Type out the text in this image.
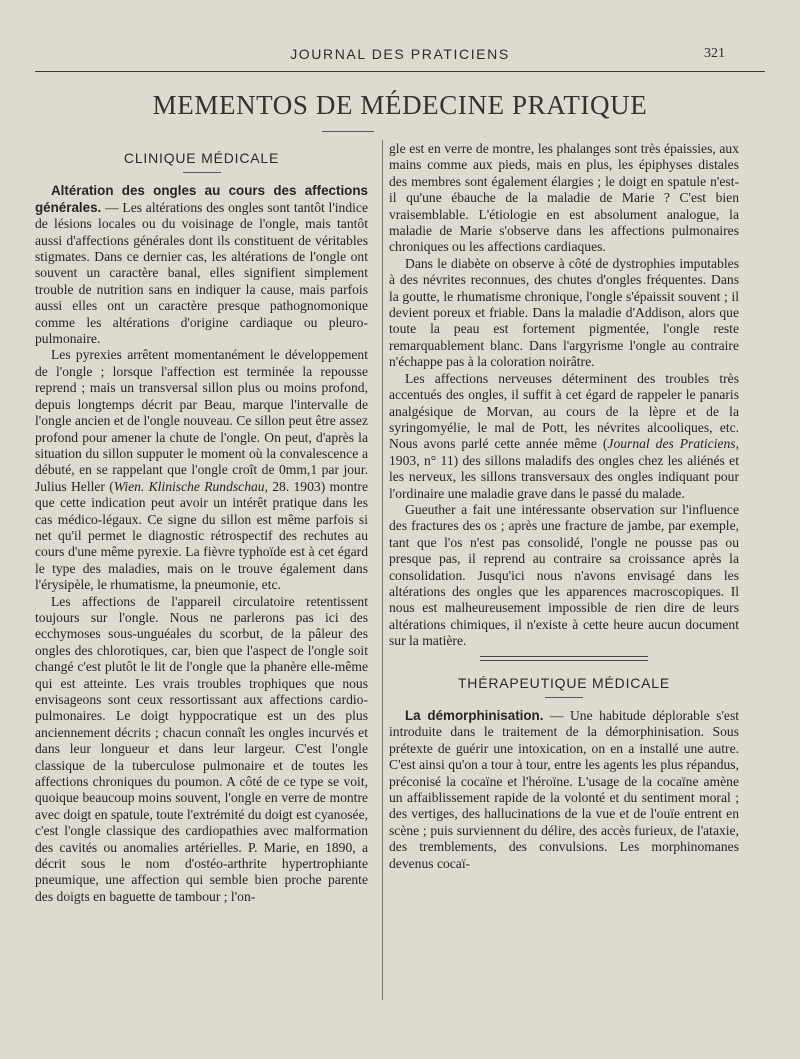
JOURNAL DES PRATICIENS	321
MEMENTOS DE MÉDECINE PRATIQUE
CLINIQUE MÉDICALE

Altération des ongles au cours des affections générales. — Les altérations des ongles sont tantôt l'indice de lésions locales ou du voisinage de l'ongle, mais tantôt aussi d'affections générales dont ils constituent de véritables stigmates. Dans ce dernier cas, les altérations de l'ongle ont souvent un caractère banal, elles signifient simplement trouble de nutrition sans en indiquer la cause, mais parfois aussi elles ont un caractère presque pathognomonique comme les altérations d'origine cardiaque ou pleuro-pulmonaire.

Les pyrexies arrêtent momentanément le développement de l'ongle ; lorsque l'affection est terminée la repousse reprend ; mais un transversal sillon plus ou moins profond, depuis longtemps décrit par Beau, marque l'intervalle de l'ongle ancien et de l'ongle nouveau. Ce sillon peut être assez profond pour amener la chute de l'ongle. On peut, d'après la situation du sillon supputer le moment où la convalescence a débuté, en se rappelant que l'ongle croît de 0mm,1 par jour. Julius Heller (Wien. Klinische Rundschau, 28. 1903) montre que cette indication peut avoir un intérêt pratique dans les cas médico-légaux. Ce signe du sillon est même parfois si net qu'il permet le diagnostic rétrospectif des rechutes au cours d'une même pyrexie. La fièvre typhoïde est à cet égard le type des maladies, mais on le trouve également dans l'érysipèle, le rhumatisme, la pneumonie, etc.

Les affections de l'appareil circulatoire retentissent toujours sur l'ongle. Nous ne parlerons pas ici des ecchymoses sous-unguéales du scorbut, de la pâleur des ongles des chlorotiques, car, bien que l'aspect de l'ongle soit changé c'est plutôt le lit de l'ongle que la phanère elle-même qui est atteinte. Les vrais troubles trophiques que nous envisageons sont ceux ressortissant aux affections cardio-pulmonaires. Le doigt hyppocratique est un des plus anciennement décrits ; chacun connaît les ongles incurvés et dans leur longueur et dans leur largeur. C'est l'ongle classique de la tuberculose pulmonaire et de toutes les affections chroniques du poumon. A côté de ce type se voit, quoique beaucoup moins souvent, l'ongle en verre de montre avec doigt en spatule, toute l'extrémité du doigt est cyanosée, c'est l'ongle classique des cardiopathies avec malformation des cavités ou anomalies artérielles. P. Marie, en 1890, a décrit sous le nom d'ostéo-arthrite hypertrophiante pneumique, une affection qui semble bien proche parente des doigts en baguette de tambour ; l'on-

gle est en verre de montre, les phalanges sont très épaissies, aux mains comme aux pieds, mais en plus, les épiphyses distales des membres sont également élargies ; le doigt en spatule n'est-il qu'une ébauche de la maladie de Marie ? C'est bien vraisemblable. L'étiologie en est absolument analogue, la maladie de Marie s'observe dans les affections pulmonaires chroniques ou les affections cardiaques.

Dans le diabète on observe à côté de dystrophies imputables à des névrites reconnues, des chutes d'ongles fréquentes. Dans la goutte, le rhumatisme chronique, l'ongle s'épaissit souvent ; il devient poreux et friable. Dans la maladie d'Addison, alors que toute la peau est fortement pigmentée, l'ongle reste remarquablement blanc. Dans l'argyrisme l'ongle au contraire n'échappe pas à la coloration noirâtre.

Les affections nerveuses déterminent des troubles très accentués des ongles, il suffit à cet égard de rappeler le panaris analgésique de Morvan, au cours de la lèpre et de la syringomyélie, le mal de Pott, les névrites alcooliques, etc. Nous avons parlé cette année même (Journal des Praticiens, 1903, n° 11) des sillons maladifs des ongles chez les aliénés et les nerveux, les sillons transversaux des ongles indiquant pour l'ordinaire une maladie grave dans le passé du malade.

Gueuther a fait une intéressante observation sur l'influence des fractures des os ; après une fracture de jambe, par exemple, tant que l'os n'est pas consolidé, l'ongle ne pousse pas ou presque pas, il reprend au contraire sa croissance après la consolidation. Jusqu'ici nous n'avons envisagé dans les altérations des ongles que les apparences macroscopiques. Il nous est malheureusement impossible de rien dire de leurs altérations chimiques, il n'existe à cette heure aucun document sur la matière.

THÉRAPEUTIQUE MÉDICALE

La démorphinisation. — Une habitude déplorable s'est introduite dans le traitement de la démorphinisation. Sous prétexte de guérir une intoxication, on en a installé une autre. C'est ainsi qu'on a tour à tour, entre les agents les plus répandus, préconisé la cocaïne et l'héroïne. L'usage de la cocaïne amène un affaiblissement rapide de la volonté et du sentiment moral ; des vertiges, des hallucinations de la vue et de l'ouïe entrent en scène ; puis surviennent du délire, des accès furieux, de l'ataxie, des tremblements, des convulsions. Les morphinomanes devenus cocaï-
